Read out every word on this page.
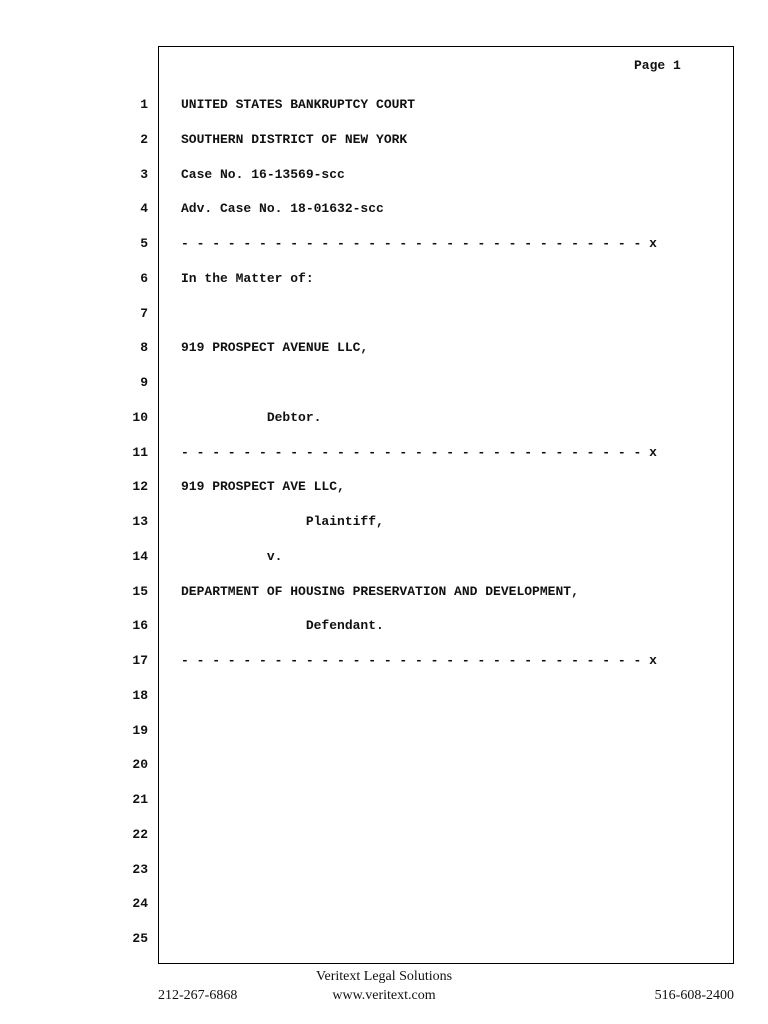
Page 1
1	UNITED STATES BANKRUPTCY COURT
2	SOUTHERN DISTRICT OF NEW YORK
3	Case No. 16-13569-scc
4	Adv. Case No. 18-01632-scc
5	- - - - - - - - - - - - - - - - - - - - - - - - - - - - - - x
6	In the Matter of:
7
8	919 PROSPECT AVENUE LLC,
9
10	Debtor.
11	- - - - - - - - - - - - - - - - - - - - - - - - - - - - - - x
12	919 PROSPECT AVE LLC,
13	Plaintiff,
14	v.
15	DEPARTMENT OF HOUSING PRESERVATION AND DEVELOPMENT,
16	Defendant.
17	- - - - - - - - - - - - - - - - - - - - - - - - - - - - - - x
18
19
20
21
22
23
24
25
Veritext Legal Solutions
212-267-6868	www.veritext.com	516-608-2400
